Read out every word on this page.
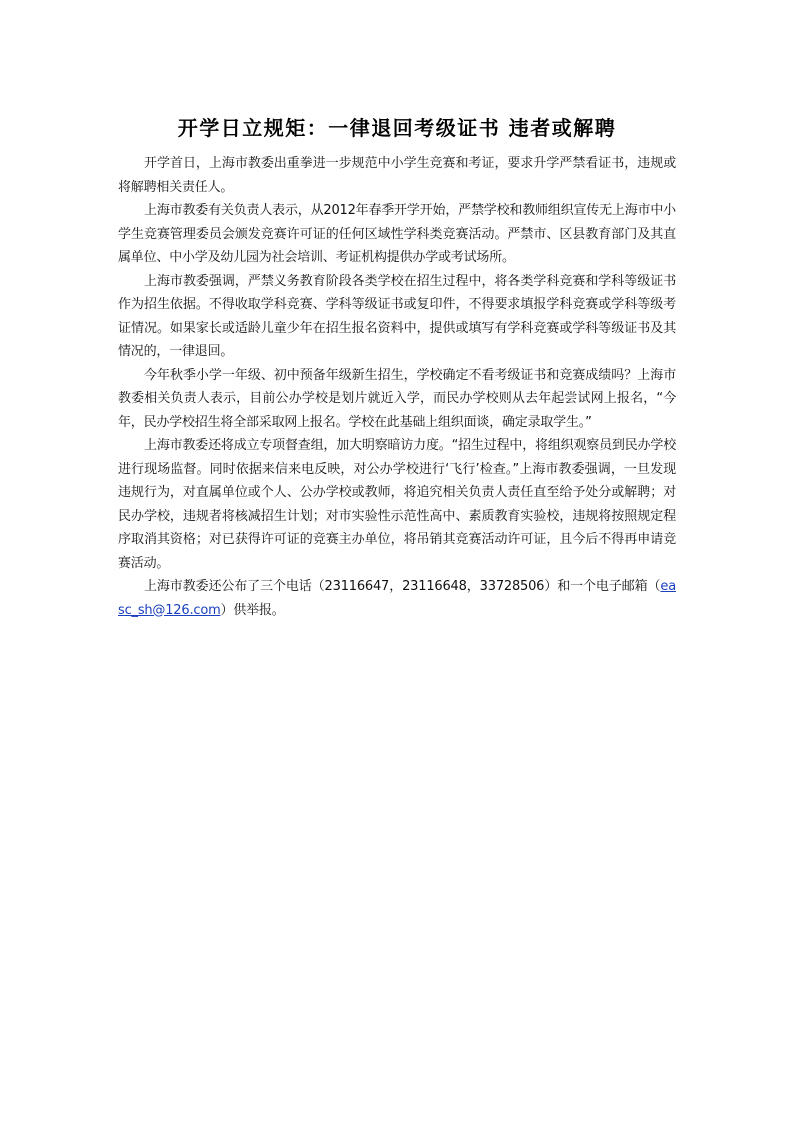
开学日立规矩：一律退回考级证书 违者或解聘

开学首日，上海市教委出重拳进一步规范中小学生竞赛和考证，要求升学严禁看证书，违规或将解聘相关责任人。

上海市教委有关负责人表示，从2012年春季开学开始，严禁学校和教师组织宣传无上海市中小学生竞赛管理委员会颁发竞赛许可证的任何区域性学科类竞赛活动。严禁市、区县教育部门及其直属单位、中小学及幼儿园为社会培训、考证机构提供办学或考试场所。

上海市教委强调，严禁义务教育阶段各类学校在招生过程中，将各类学科竞赛和学科等级证书作为招生依据。不得收取学科竞赛、学科等级证书或复印件，不得要求填报学科竞赛或学科等级考证情况。如果家长或适龄儿童少年在招生报名资料中，提供或填写有学科竞赛或学科等级证书及其情况的，一律退回。

今年秋季小学一年级、初中预备年级新生招生，学校确定不看考级证书和竞赛成绩吗？上海市教委相关负责人表示，目前公办学校是划片就近入学，而民办学校则从去年起尝试网上报名，“今年，民办学校招生将全部采取网上报名。学校在此基础上组织面谈，确定录取学生。”

上海市教委还将成立专项督查组，加大明察暗访力度。“招生过程中，将组织观察员到民办学校进行现场监督。同时依据来信来电反映，对公办学校进行‘飞行’检查。”上海市教委强调，一旦发现违规行为，对直属单位或个人、公办学校或教师，将追究相关负责人责任直至给予处分或解聘；对民办学校，违规者将核减招生计划；对市实验性示范性高中、素质教育实验校，违规将按照规定程序取消其资格；对已获得许可证的竞赛主办单位，将吊销其竞赛活动许可证，且今后不得再申请竞赛活动。

上海市教委还公布了三个电话（23116647，23116648，33728506）和一个电子邮箱（easc_sh@126.com）供举报。
